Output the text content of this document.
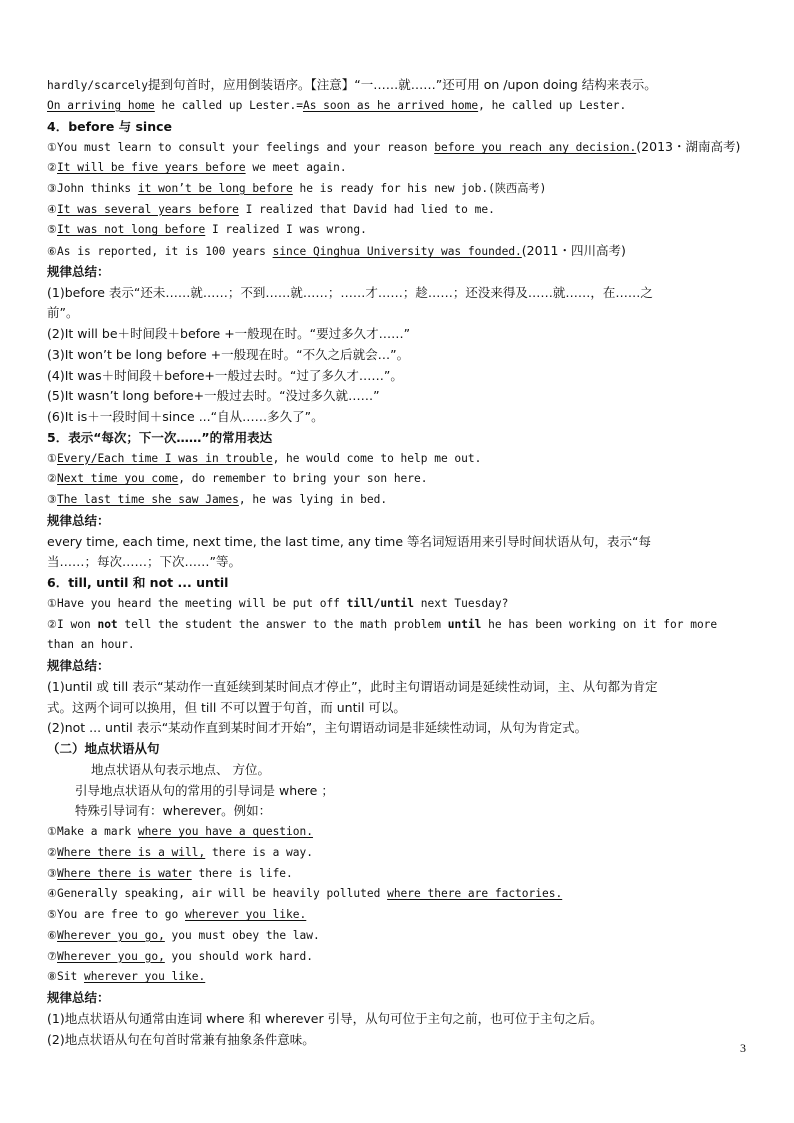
hardly/scarcely提到句首时，应用倒装语序。【注意】“一……就……”还可用 on /upon doing 结构来表示。
On arriving home he called up Lester.=As soon as he arrived home, he called up Lester.
4．before 与 since
①You must learn to consult your feelings and your reason before you reach any decision.(2013・湖南高考)
②It will be five years before we meet again.
③John thinks it won’t be long before he is ready for his new job.(陕西高考)
④It was several years before I realized that David had lied to me.
⑤It was not long before I realized I was wrong.
⑥As is reported, it is 100 years since Qinghua University was founded.(2011・四川高考)
规律总结：
(1)before 表示“还未……就……；不到……就……；……才……；趁……；还没来得及……就……，在……之
前”。
(2)It will be＋时间段＋before +一般现在时。“要过多久才……”
(3)It won’t be long before +一般现在时。“不久之后就会…”。
(4)It was＋时间段＋before+一般过去时。“过了多久才……”。
(5)It wasn’t long before+一般过去时。“没过多久就……”
(6)It is＋一段时间＋since ...“自从……多久了”。
5．表示“每次；下一次……”的常用表达
①Every/Each time I was in trouble, he would come to help me out.
②Next time you come, do remember to bring your son here.
③The last time she saw James, he was lying in bed.
规律总结：
every time, each time, next time, the last time, any time 等名词短语用来引导时间状语从句，表示“每
当……；每次……；下次……”等。
6．till, until 和 not ... until
①Have you heard the meeting will be put off till/until next Tuesday?
②I won not tell the student the answer to the math problem until he has been working on it for more
than an hour.
规律总结：
(1)until 或 till 表示“某动作一直延续到某时间点才停止”，此时主句谓语动词是延续性动词，主、从句都为肯定
式。这两个词可以换用，但 till 不可以置于句首，而 until 可以。
(2)not ... until 表示“某动作直到某时间才开始”，主句谓语动词是非延续性动词，从句为肯定式。
（二）地点状语从句
地点状语从句表示地点、 方位。
引导地点状语从句的常用的引导词是 where ；
特殊引导词有：wherever。例如：
①Make a mark where you have a question.
②Where there is a will, there is a way.
③Where there is water there is life.
④Generally speaking, air will be heavily polluted where there are factories.
⑤You are free to go wherever you like.
⑥Wherever you go, you must obey the law.
⑦Wherever you go, you should work hard.
⑧Sit wherever you like.
规律总结：
(1)地点状语从句通常由连词 where 和 wherever 引导，从句可位于主句之前，也可位于主句之后。
(2)地点状语从句在句首时常兼有抽象条件意味。
3
